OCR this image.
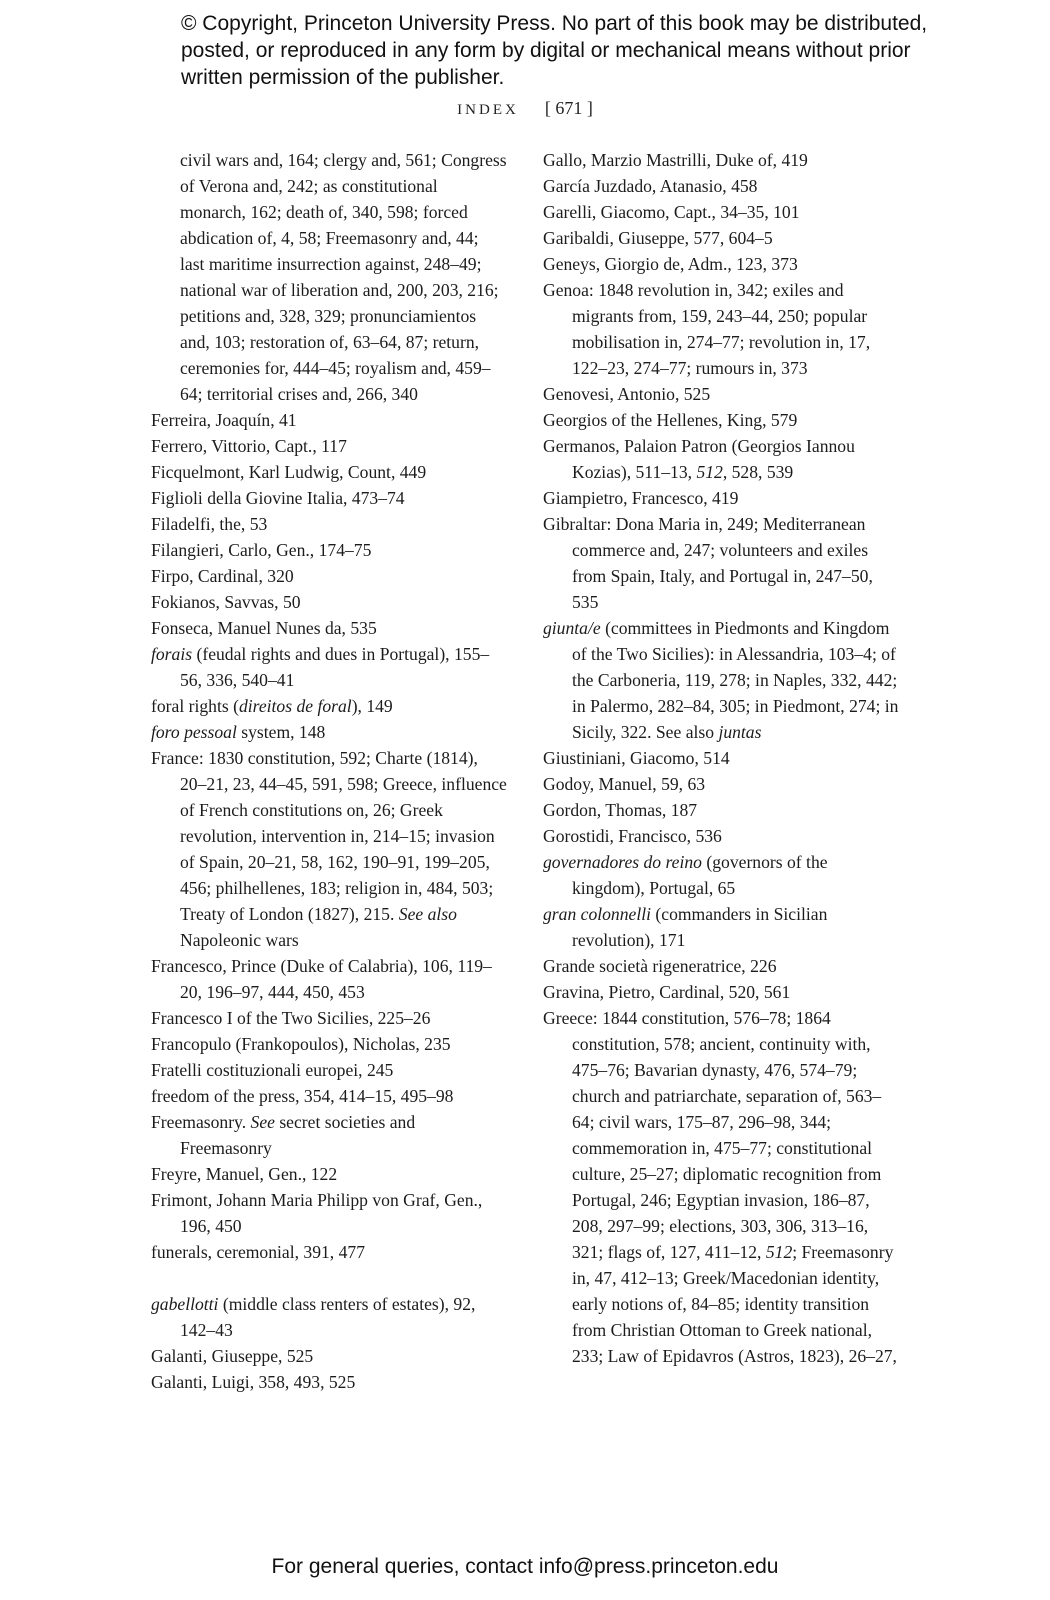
© Copyright, Princeton University Press. No part of this book may be distributed, posted, or reproduced in any form by digital or mechanical means without prior written permission of the publisher.
INDEX [ 671 ]
civil wars and, 164; clergy and, 561; Congress of Verona and, 242; as constitutional monarch, 162; death of, 340, 598; forced abdication of, 4, 58; Freemasonry and, 44; last maritime insurrection against, 248–49; national war of liberation and, 200, 203, 216; petitions and, 328, 329; pronunciamientos and, 103; restoration of, 63–64, 87; return, ceremonies for, 444–45; royalism and, 459–64; territorial crises and, 266, 340
Ferreira, Joaquín, 41
Ferrero, Vittorio, Capt., 117
Ficquelmont, Karl Ludwig, Count, 449
Figlioli della Giovine Italia, 473–74
Filadelfi, the, 53
Filangieri, Carlo, Gen., 174–75
Firpo, Cardinal, 320
Fokianos, Savvas, 50
Fonseca, Manuel Nunes da, 535
forais (feudal rights and dues in Portugal), 155–56, 336, 540–41
foral rights (direitos de foral), 149
foro pessoal system, 148
France: 1830 constitution, 592; Charte (1814), 20–21, 23, 44–45, 591, 598; Greece, influence of French constitutions on, 26; Greek revolution, intervention in, 214–15; invasion of Spain, 20–21, 58, 162, 190–91, 199–205, 456; philhellenes, 183; religion in, 484, 503; Treaty of London (1827), 215. See also Napoleonic wars
Francesco, Prince (Duke of Calabria), 106, 119–20, 196–97, 444, 450, 453
Francesco I of the Two Sicilies, 225–26
Francopulo (Frankopoulos), Nicholas, 235
Fratelli costituzionali europei, 245
freedom of the press, 354, 414–15, 495–98
Freemasonry. See secret societies and Freemasonry
Freyre, Manuel, Gen., 122
Frimont, Johann Maria Philipp von Graf, Gen., 196, 450
funerals, ceremonial, 391, 477
gabellotti (middle class renters of estates), 92, 142–43
Galanti, Giuseppe, 525
Galanti, Luigi, 358, 493, 525
Gallo, Marzio Mastrilli, Duke of, 419
García Juzdado, Atanasio, 458
Garelli, Giacomo, Capt., 34–35, 101
Garibaldi, Giuseppe, 577, 604–5
Geneys, Giorgio de, Adm., 123, 373
Genoa: 1848 revolution in, 342; exiles and migrants from, 159, 243–44, 250; popular mobilisation in, 274–77; revolution in, 17, 122–23, 274–77; rumours in, 373
Genovesi, Antonio, 525
Georgios of the Hellenes, King, 579
Germanos, Palaion Patron (Georgios Iannou Kozias), 511–13, 512, 528, 539
Giampietro, Francesco, 419
Gibraltar: Dona Maria in, 249; Mediterranean commerce and, 247; volunteers and exiles from Spain, Italy, and Portugal in, 247–50, 535
giunta/e (committees in Piedmonts and Kingdom of the Two Sicilies): in Alessandria, 103–4; of the Carboneria, 119, 278; in Naples, 332, 442; in Palermo, 282–84, 305; in Piedmont, 274; in Sicily, 322. See also juntas
Giustiniani, Giacomo, 514
Godoy, Manuel, 59, 63
Gordon, Thomas, 187
Gorostidi, Francisco, 536
governadores do reino (governors of the kingdom), Portugal, 65
gran colonnelli (commanders in Sicilian revolution), 171
Grande società rigeneratrice, 226
Gravina, Pietro, Cardinal, 520, 561
Greece: 1844 constitution, 576–78; 1864 constitution, 578; ancient, continuity with, 475–76; Bavarian dynasty, 476, 574–79; church and patriarchate, separation of, 563–64; civil wars, 175–87, 296–98, 344; commemoration in, 475–77; constitutional culture, 25–27; diplomatic recognition from Portugal, 246; Egyptian invasion, 186–87, 208, 297–99; elections, 303, 306, 313–16, 321; flags of, 127, 411–12, 512; Freemasonry in, 47, 412–13; Greek/Macedonian identity, early notions of, 84–85; identity transition from Christian Ottoman to Greek national, 233; Law of Epidavros (Astros, 1823), 26–27,
For general queries, contact info@press.princeton.edu
